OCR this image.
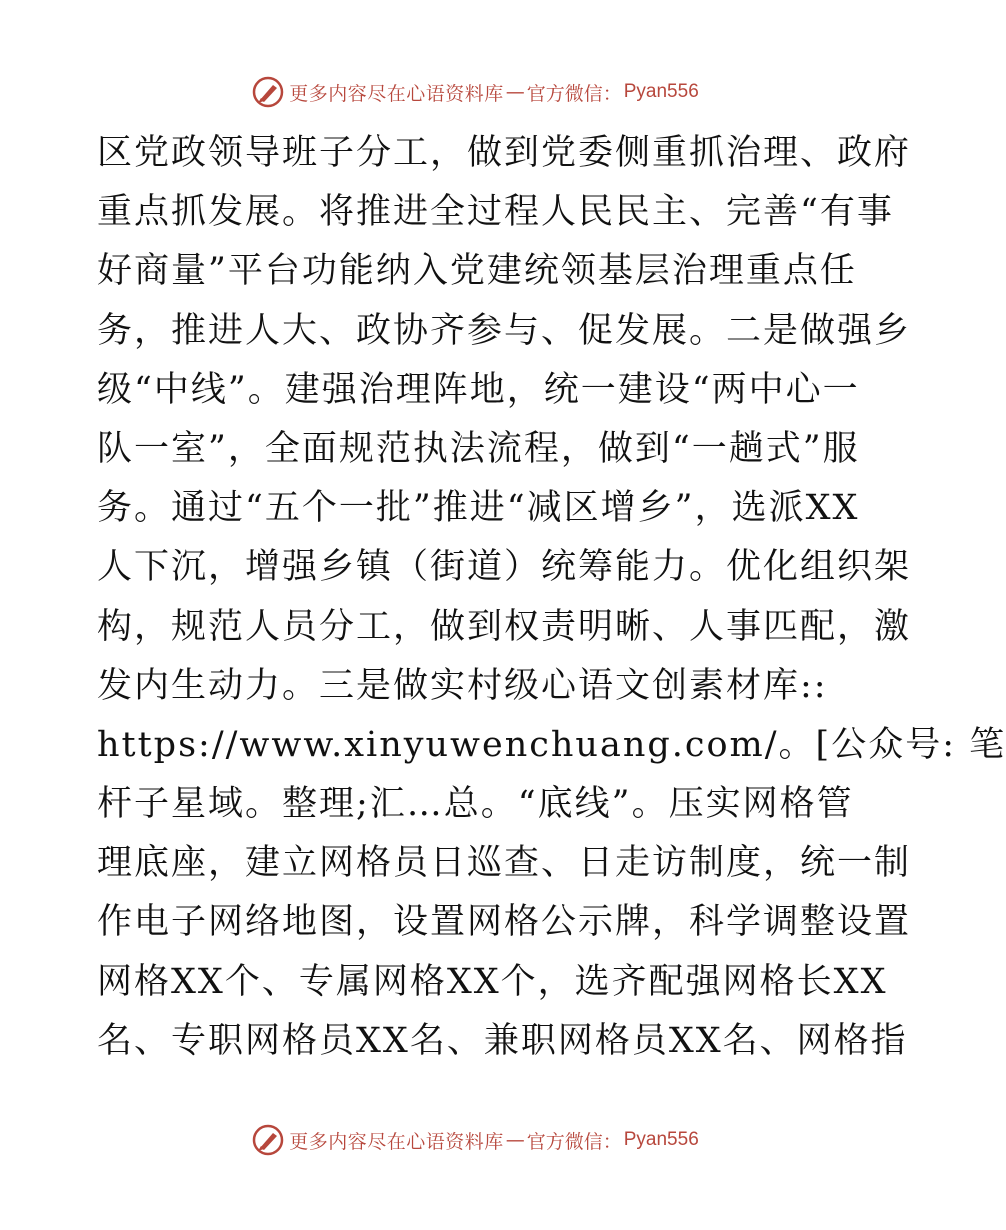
更多内容尽在心语资料库 — 官方微信： Pyan556
区党政领导班子分工，做到党委侧重抓治理、政府
重点抓发展。将推进全过程人民民主、完善“有事
好商量”平台功能纳入党建统领基层治理重点任
务，推进人大、政协齐参与、促发展。二是做强乡
级“中线”。建强治理阵地，统一建设“两中心一
队一室”，全面规范执法流程，做到“一趟式”服
务。通过“五个一批”推进“减区增乡”，选派XX
人下沉，增强乡镇（街道）统筹能力。优化组织架
构，规范人员分工，做到权责明晰、人事匹配，激
发内生动力。三是做实村级心语文创素材库::
https://www.xinyuwenchuang.com/。[公众号: 笔
杆子星域。整理;汇…总。“底线”。压实网格管
理底座，建立网格员日巡查、日走访制度，统一制
作电子网络地图，设置网格公示牌，科学调整设置
网格XX个、专属网格XX个，选齐配强网格长XX
名、专职网格员XX名、兼职网格员XX名、网格指
更多内容尽在心语资料库 — 官方微信： Pyan556
